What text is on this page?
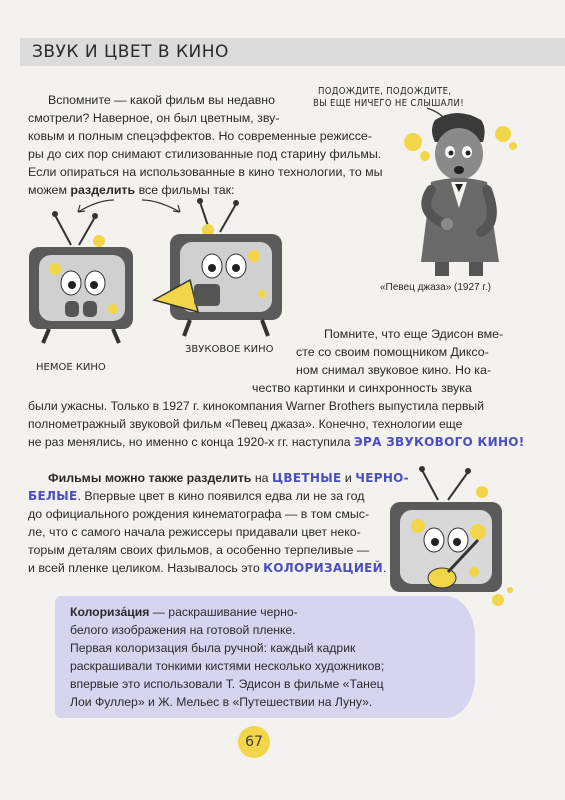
ЗВУК И ЦВЕТ В КИНО

Вспомните — какой фильм вы недавно

смотрели? Наверное, он был цветным, зву-

ковым и полным спецэффектов. Но современные режиссе-

ры до сих пор снимают стилизованные под старину фильмы.

Если опираться на использованные в кино технологии, то мы

можем разделить все фильмы так:

ПОДОЖДИТЕ, ПОДОЖДИТЕ,

ВЫ ЕЩЕ НИЧЕГО НЕ СЛЫШАЛИ!

«Певец джаза» (1927 г.)

НЕМОЕ КИНО

ЗВУКОВОЕ КИНО

Помните, что еще Эдисон вме-

сте со своим помощником Диксо-

ном снимал звуковое кино. Но ка-

чество картинки и синхронность звука

были ужасны. Только в 1927 г. кинокомпания Warner Brothers выпустила первый

полнометражный звуковой фильм «Певец джаза». Конечно, технологии еще

не раз менялись, но именно с конца 1920-х гг. наступила ЭРА ЗВУКОВОГО КИНО!

Фильмы можно также разделить на ЦВЕТНЫЕ и ЧЕРНО-

БЕЛЫЕ. Впервые цвет в кино появился едва ли не за год

до официального рождения кинематографа — в том смыс-

ле, что с самого начала режиссеры придавали цвет неко-

торым деталям своих фильмов, а особенно терпеливые —

и всей пленке целиком. Называлось это КОЛОРИЗАЦИЕЙ.

Колориза́ция — раскрашивание черно-

белого изображения на готовой пленке.

Первая колоризация была ручной: каждый кадрик

раскрашивали тонкими кистями несколько художников;

впервые это использовали Т. Эдисон в фильме «Танец

Лои Фуллер» и Ж. Мельес в «Путешествии на Луну».

67
